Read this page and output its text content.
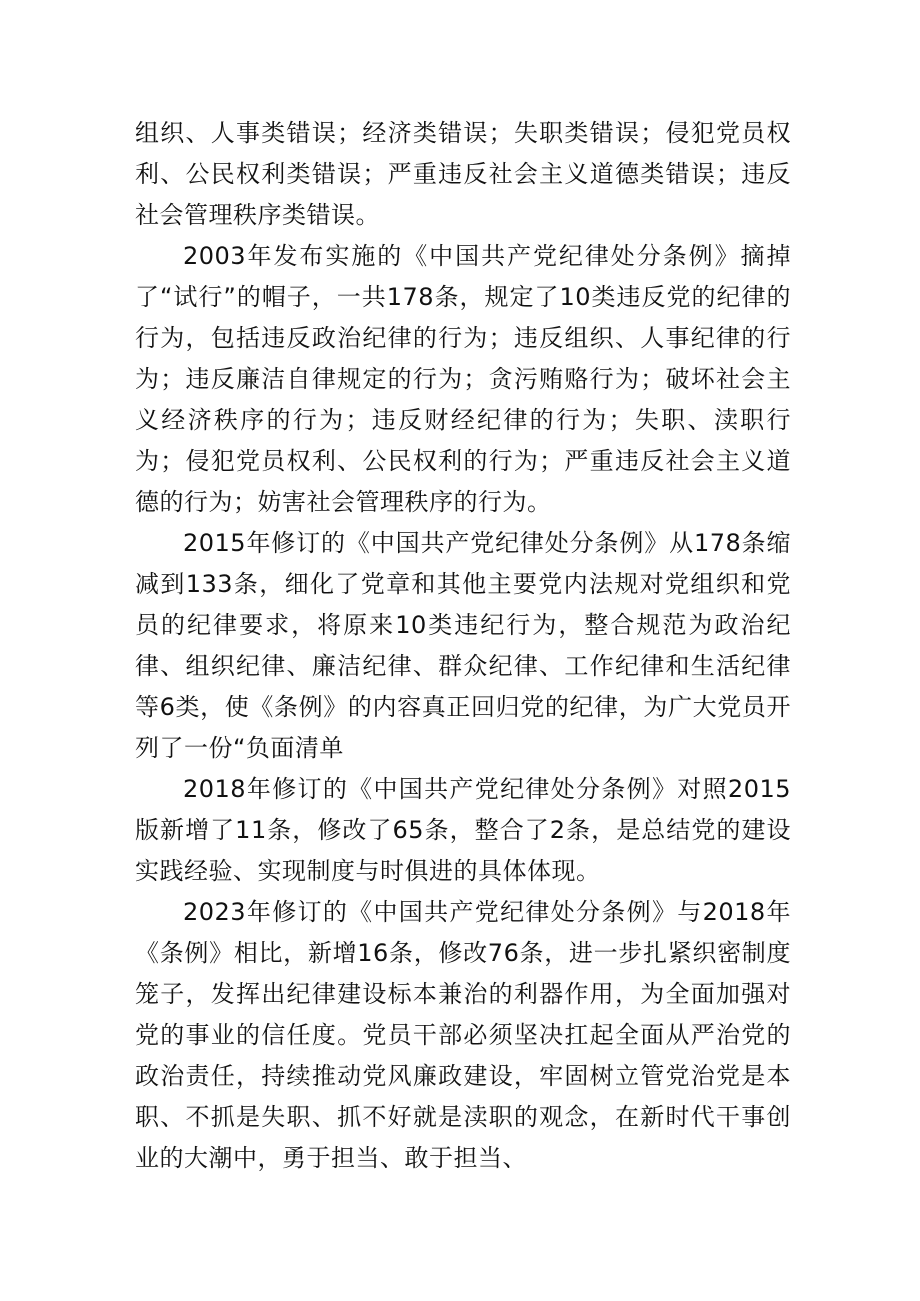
组织、人事类错误；经济类错误；失职类错误；侵犯党员权利、公民权利类错误；严重违反社会主义道德类错误；违反社会管理秩序类错误。

2003年发布实施的《中国共产党纪律处分条例》摘掉了“试行”的帽子，一共178条，规定了10类违反党的纪律的行为，包括违反政治纪律的行为；违反组织、人事纪律的行为；违反廉洁自律规定的行为；贪污贿赂行为；破坏社会主义经济秩序的行为；违反财经纪律的行为；失职、渎职行为；侵犯党员权利、公民权利的行为；严重违反社会主义道德的行为；妨害社会管理秩序的行为。

2015年修订的《中国共产党纪律处分条例》从178条缩减到133条，细化了党章和其他主要党内法规对党组织和党员的纪律要求，将原来10类违纪行为，整合规范为政治纪律、组织纪律、廉洁纪律、群众纪律、工作纪律和生活纪律等6类，使《条例》的内容真正回归党的纪律，为广大党员开列了一份“负面清单

2018年修订的《中国共产党纪律处分条例》对照2015版新增了11条，修改了65条，整合了2条，是总结党的建设实践经验、实现制度与时俱进的具体体现。

2023年修订的《中国共产党纪律处分条例》与2018年《条例》相比，新增16条，修改76条，进一步扎紧织密制度笼子，发挥出纪律建设标本兼治的利器作用，为全面加强对党的事业的信任度。党员干部必须坚决扛起全面从严治党的政治责任，持续推动党风廉政建设，牢固树立管党治党是本职、不抓是失职、抓不好就是渎职的观念，在新时代干事创业的大潮中，勇于担当、敢于担当、
